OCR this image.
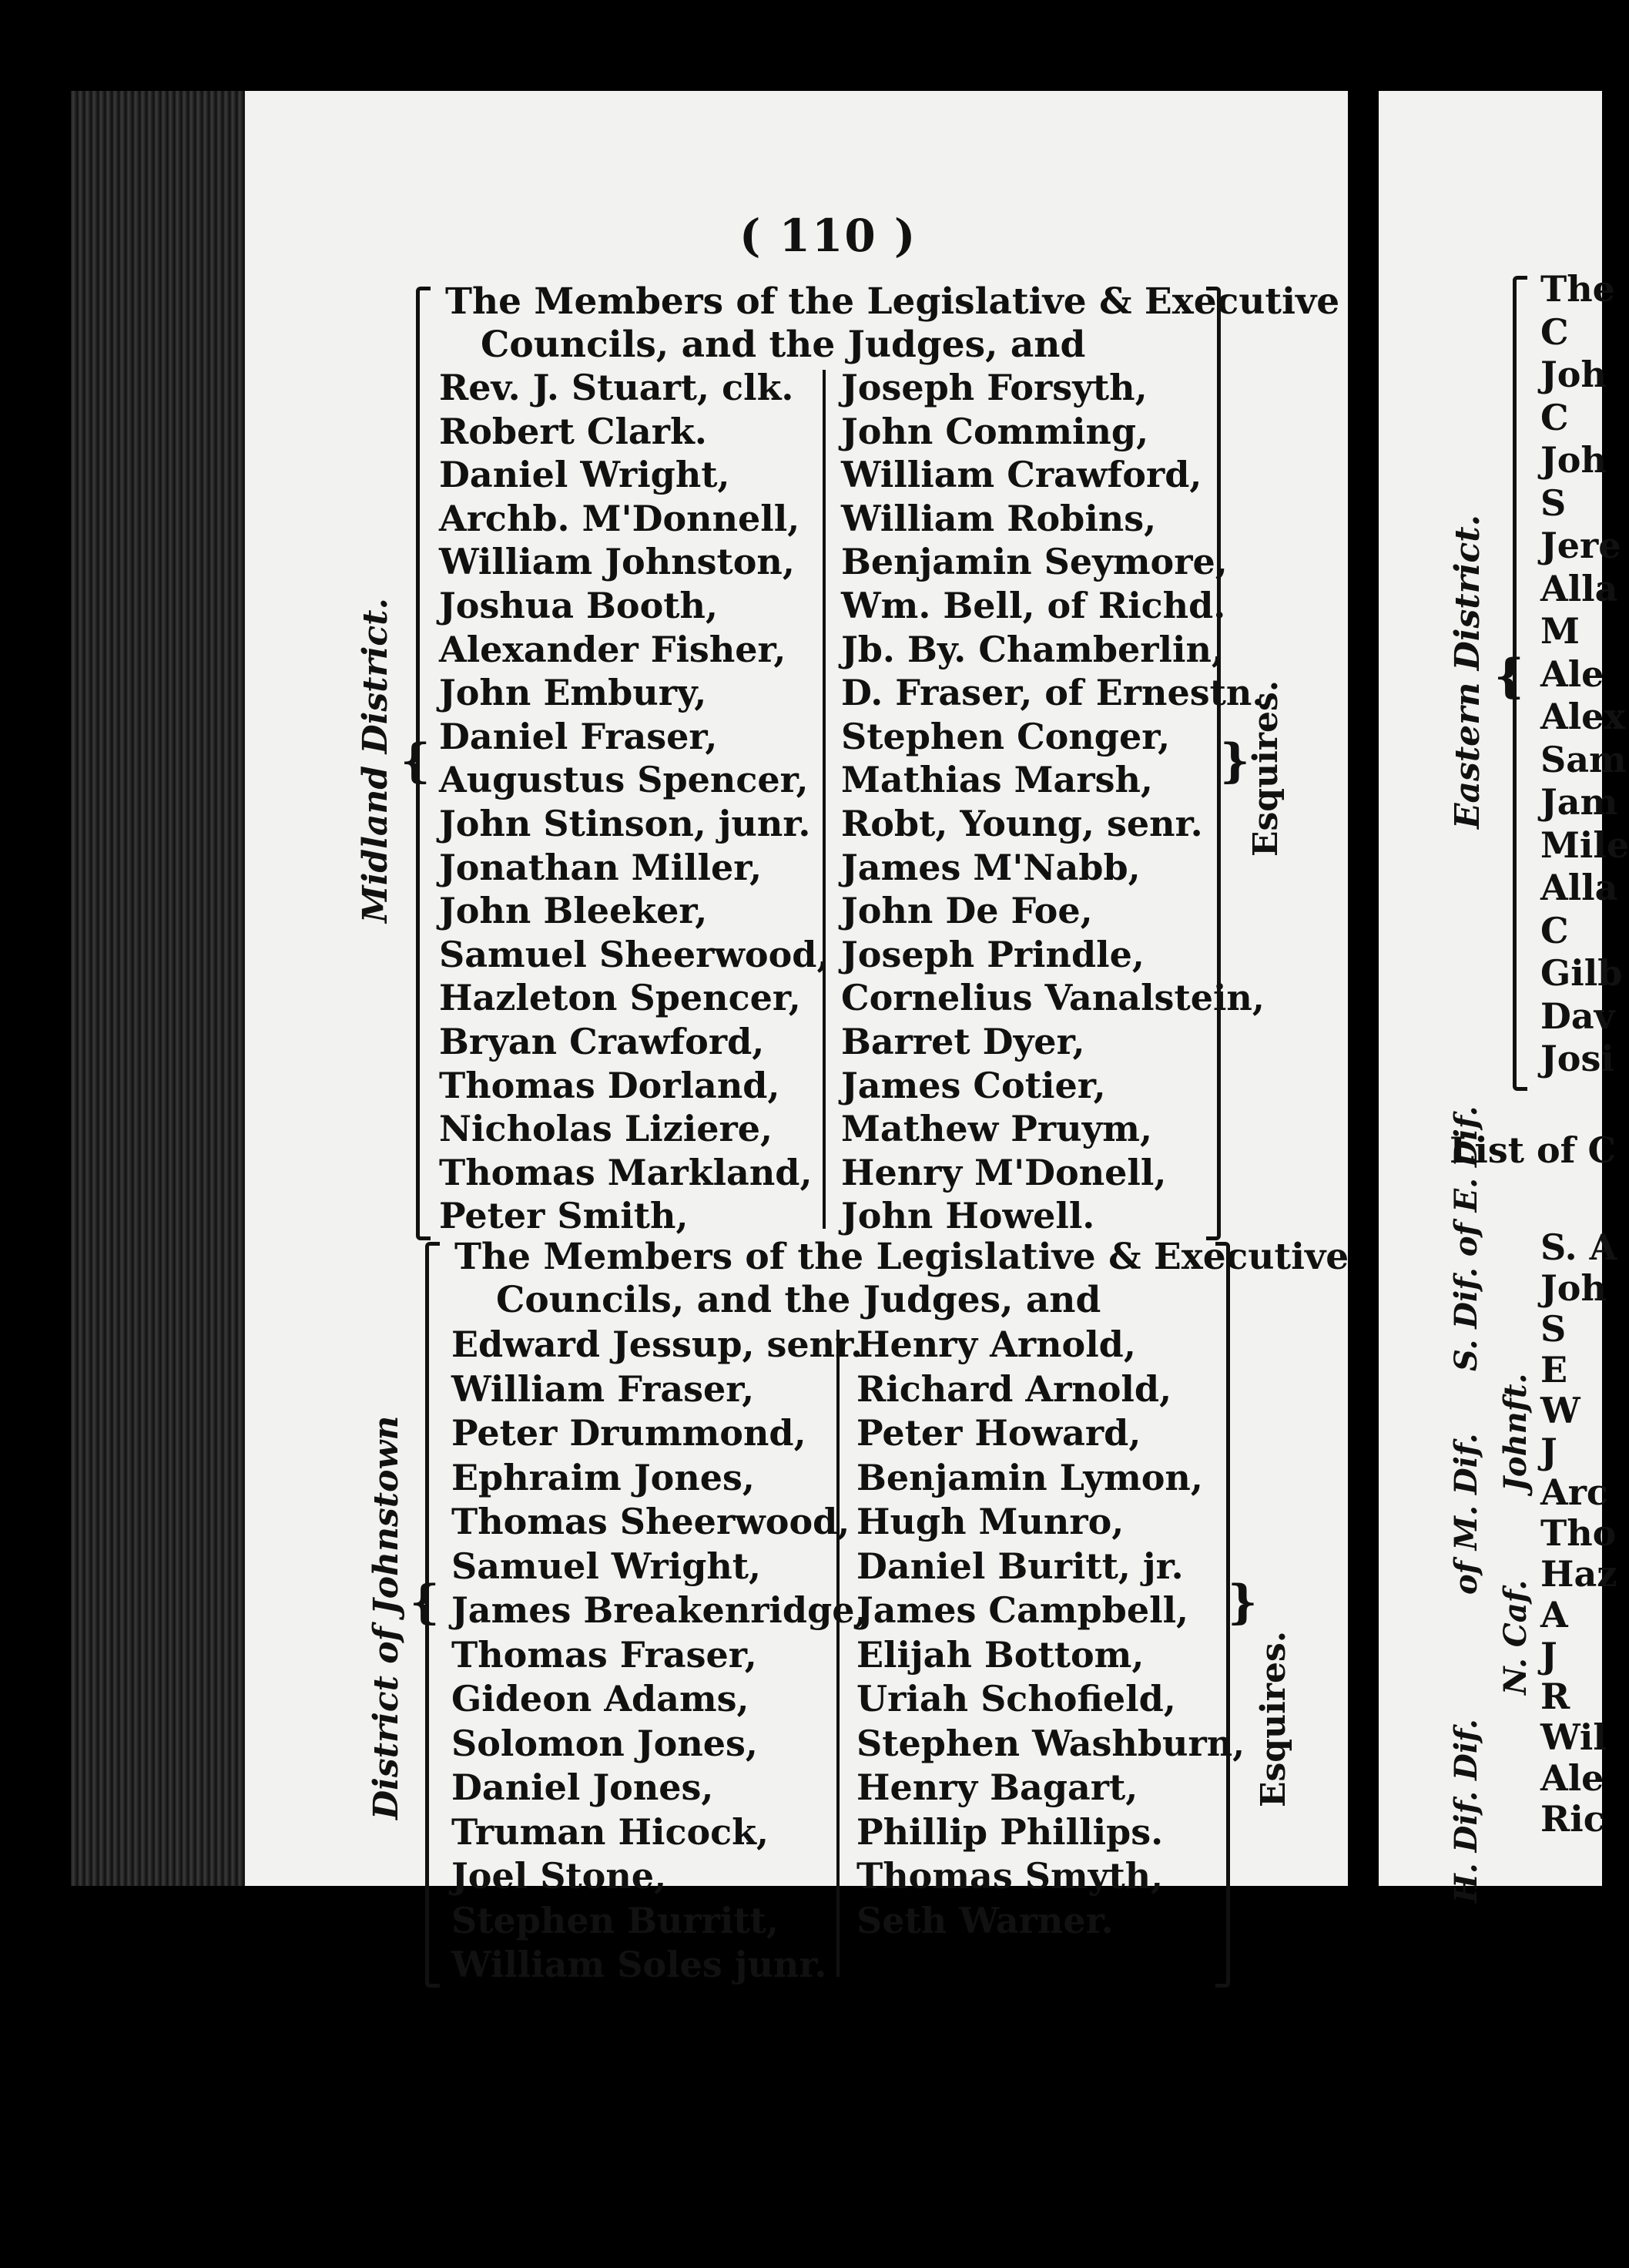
( 110 )
The Members of the Legislative & Executive
Councils, and the Judges, and
Rev. J. Stuart, clk.
Robert Clark.
Daniel Wright,
Archb. M'Donnell,
William Johnston,
Joshua Booth,
Alexander Fisher,
John Embury,
Daniel Fraser,
Augustus Spencer,
John Stinson, junr.
Jonathan Miller,
John Bleeker,
Samuel Sheerwood,
Hazleton Spencer,
Bryan Crawford,
Thomas Dorland,
Nicholas Liziere,
Thomas Markland,
Peter Smith,
Joseph Forsyth,
John Comming,
William Crawford,
William Robins,
Benjamin Seymore,
Wm. Bell, of Richd.
Jb. By. Chamberlin,
D. Fraser, of Ernestn.
Stephen Conger,
Mathias Marsh,
Robt, Young, senr.
James M'Nabb,
John De Foe,
Joseph Prindle,
Cornelius Vanalstein,
Barret Dyer,
James Cotier,
Mathew Pruym,
Henry M'Donell,
John Howell.
Midland District. {	}
Esquires.
The Members of the Legislative & Executive
Councils, and the Judges, and
Edward Jessup, senr.
William Fraser,
Peter Drummond,
Ephraim Jones,
Thomas Sheerwood,
Samuel Wright,
James Breakenridge,
Thomas Fraser,
Gideon Adams,
Solomon Jones,
Daniel Jones,
Truman Hicock,
Joel Stone,
Stephen Burritt,
William Soles junr.
Henry Arnold,
Richard Arnold,
Peter Howard,
Benjamin Lymon,
Hugh Munro,
Daniel Buritt, jr.
James Campbell,
Elijah Bottom,
Uriah Schofield,
Stephen Washburn,
Henry Bagart,
Phillip Phillips.
Thomas Smyth,
Seth Warner.
District of Johnstown {	}
Esquires.
The
C
Joh
C
Joh
S
Jere
Alla
M
Ale
Alex
Sam
Jam
Mile
Alla
C
Gilb
Dav
Josi
Eastern District. {
List of C
S. A
Joh
S
E
W
J
Arc
Tho
Haz
A
J
R
Wil
Ale
Ric
S. Dif. of E. Dif.
Johnft.
of M. Dif.
N. Caf.
H. Dif. Dif.
